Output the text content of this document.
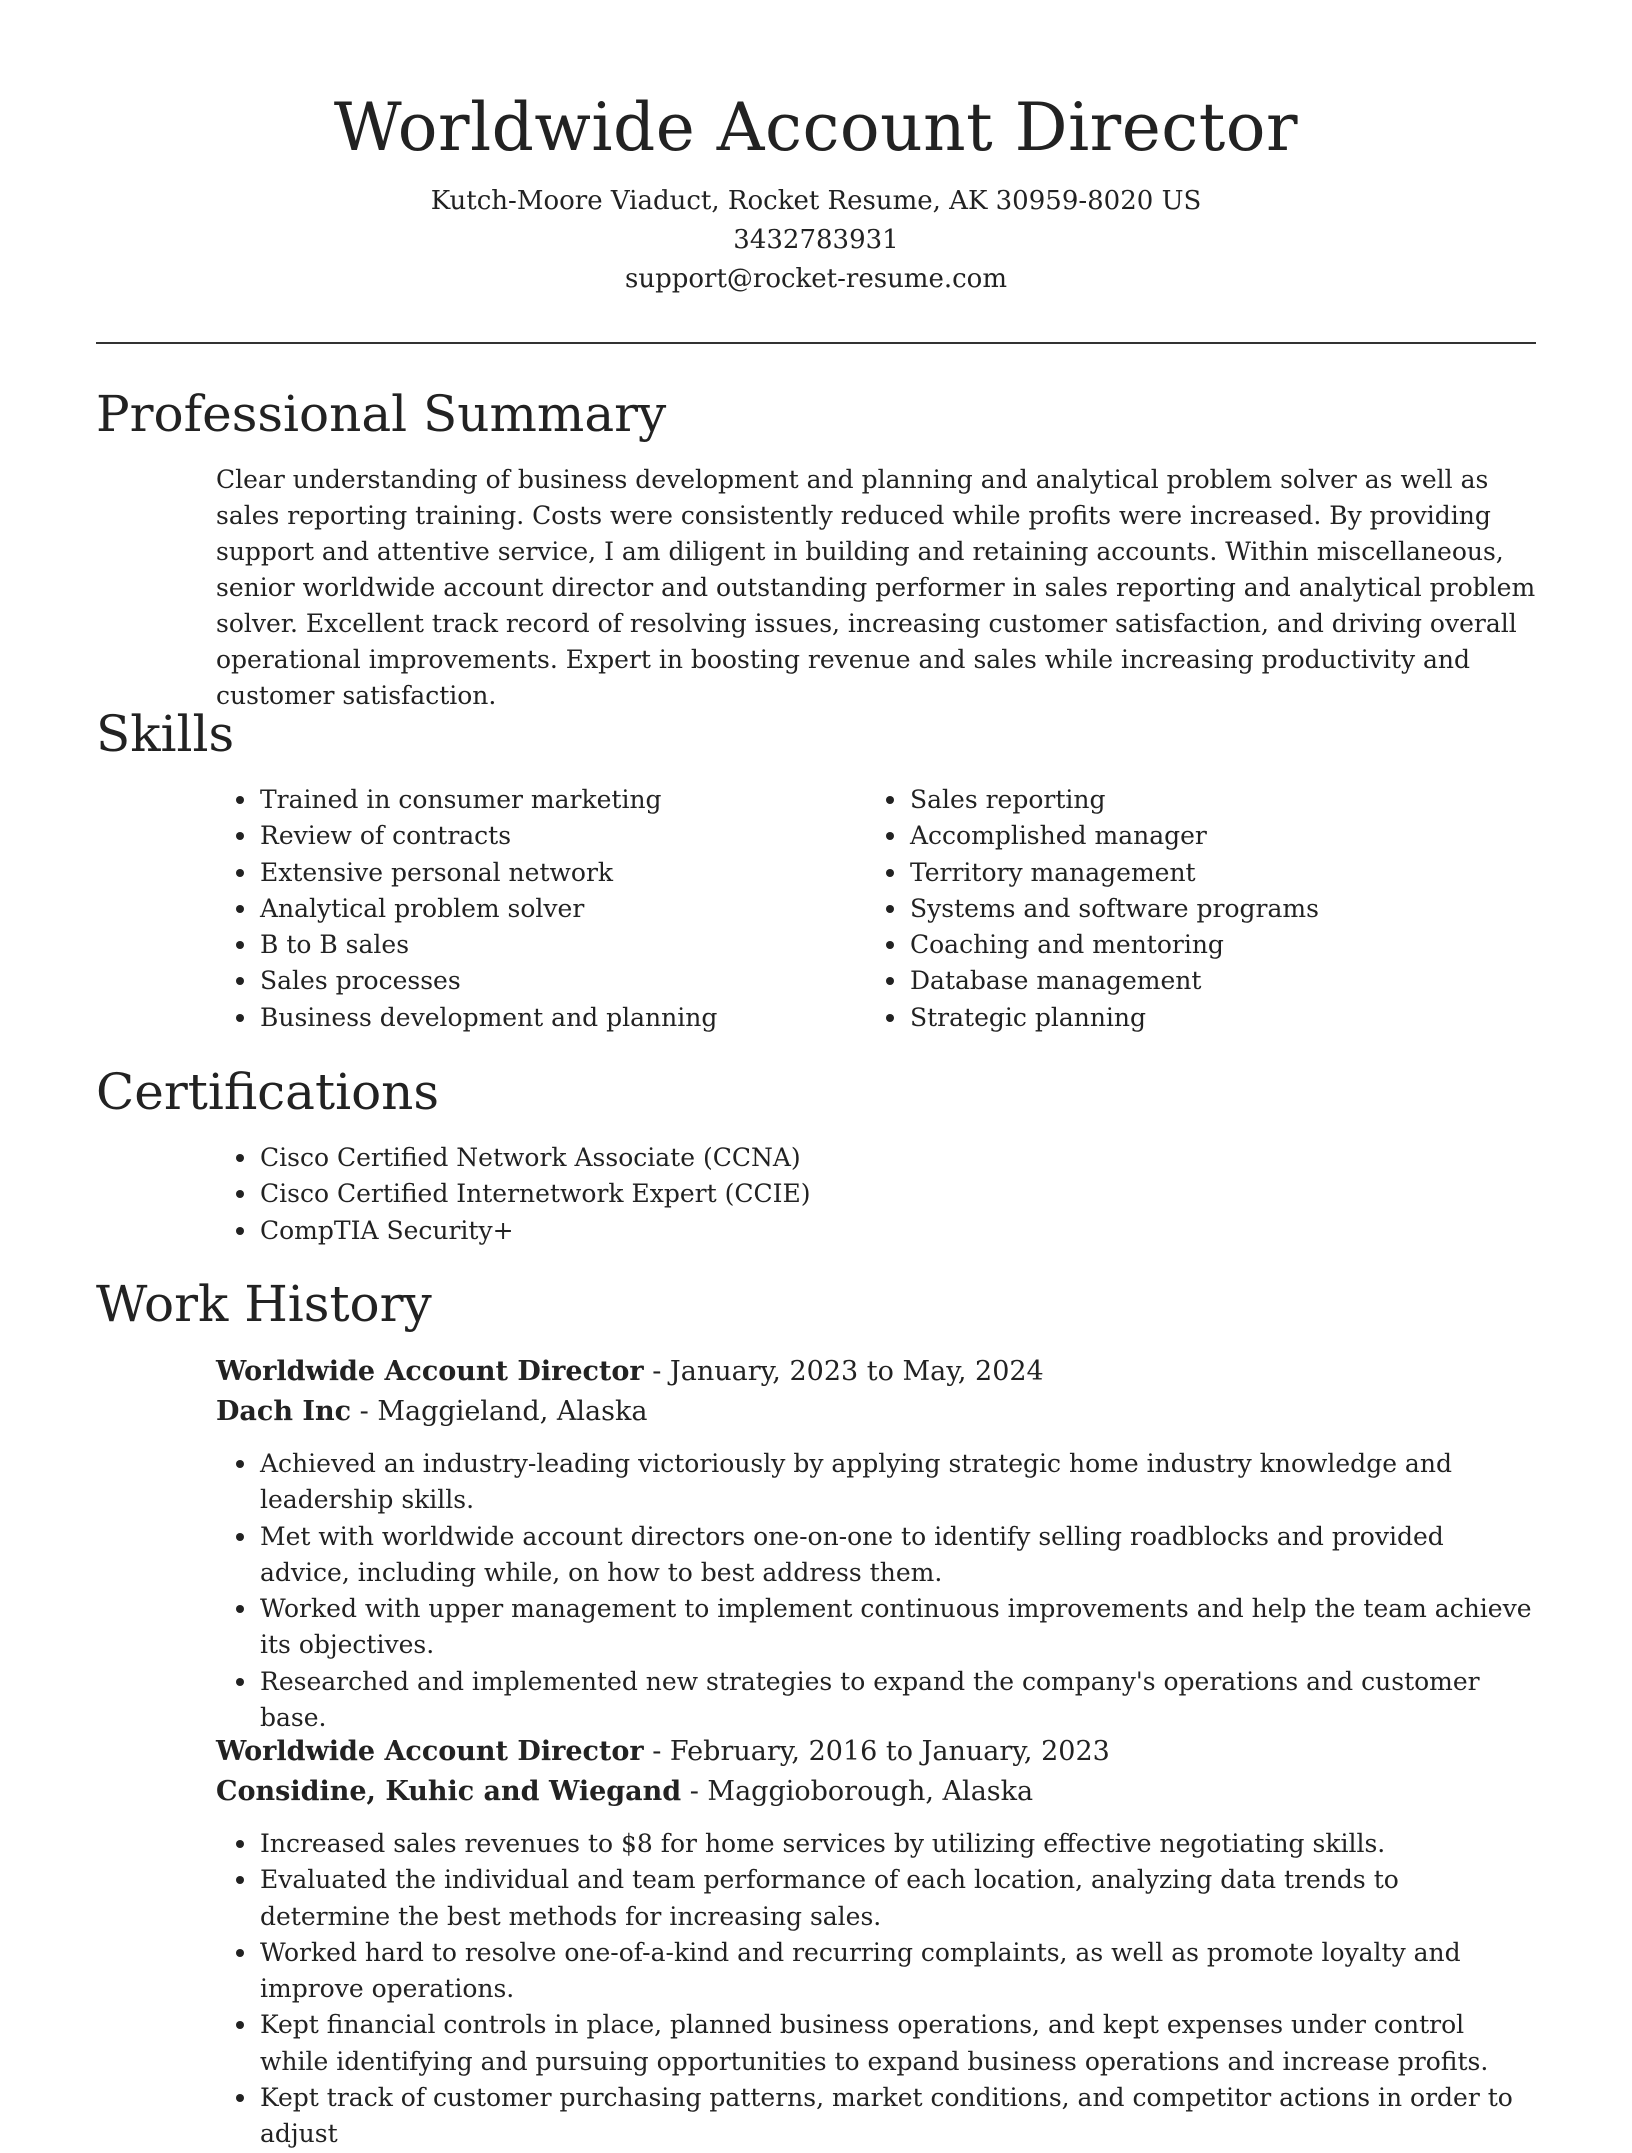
Worldwide Account Director
Kutch-Moore Viaduct, Rocket Resume, AK 30959-8020 US
3432783931
support@rocket-resume.com
Professional Summary

Clear understanding of business development and planning and analytical problem solver as well as sales reporting training. Costs were consistently reduced while profits were increased. By providing support and attentive service, I am diligent in building and retaining accounts. Within miscellaneous, senior worldwide account director and outstanding performer in sales reporting and analytical problem solver. Excellent track record of resolving issues, increasing customer satisfaction, and driving overall operational improvements. Expert in boosting revenue and sales while increasing productivity and customer satisfaction.

Skills
Trained in consumer marketing
Review of contracts
Extensive personal network
Analytical problem solver
B to B sales
Sales processes
Business development and planning
Sales reporting
Accomplished manager
Territory management
Systems and software programs
Coaching and mentoring
Database management
Strategic planning
Certifications
Cisco Certified Network Associate (CCNA)
Cisco Certified Internetwork Expert (CCIE)
CompTIA Security+
Work History
Worldwide Account Director - January, 2023 to May, 2024
Dach Inc - Maggieland, Alaska
Achieved an industry-leading victoriously by applying strategic home industry knowledge and leadership skills.
Met with worldwide account directors one-on-one to identify selling roadblocks and provided advice, including while, on how to best address them.
Worked with upper management to implement continuous improvements and help the team achieve its objectives.
Researched and implemented new strategies to expand the company's operations and customer base.
Worldwide Account Director - February, 2016 to January, 2023
Considine, Kuhic and Wiegand - Maggioborough, Alaska
Increased sales revenues to $8 for home services by utilizing effective negotiating skills.
Evaluated the individual and team performance of each location, analyzing data trends to determine the best methods for increasing sales.
Worked hard to resolve one-of-a-kind and recurring complaints, as well as promote loyalty and improve operations.
Kept financial controls in place, planned business operations, and kept expenses under control while identifying and pursuing opportunities to expand business operations and increase profits.
Kept track of customer purchasing patterns, market conditions, and competitor actions in order to adjust
